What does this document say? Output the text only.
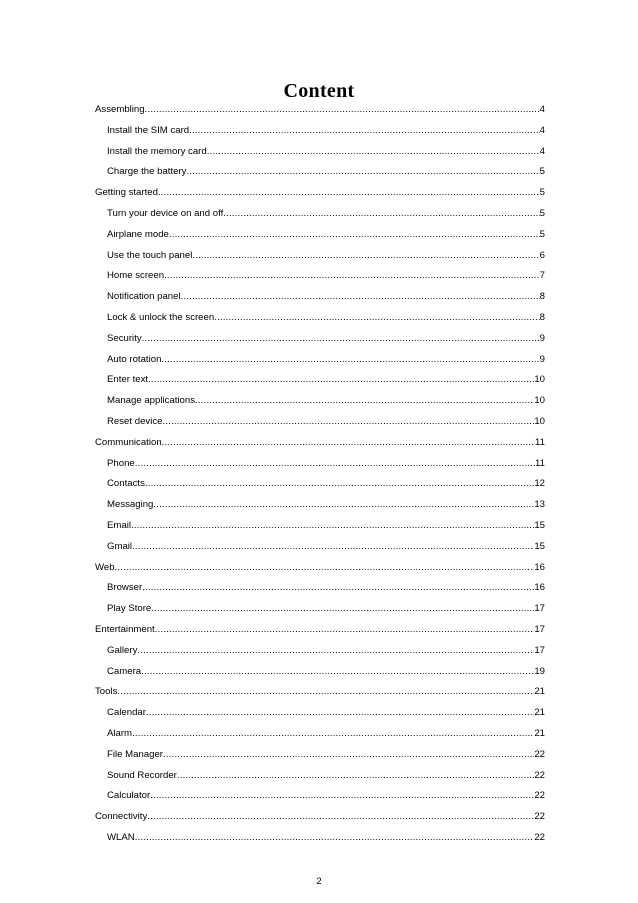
Content
Assembling .....	4
Install the SIM card .....	4
Install the memory card .....	4
Charge the battery .....	5
Getting started .....	5
Turn your device on and off .....	5
Airplane mode .....	5
Use the touch panel .....	6
Home screen .....	7
Notification panel .....	8
Lock & unlock the screen .....	8
Security .....	9
Auto rotation .....	9
Enter text .....	10
Manage applications .....	10
Reset device .....	10
Communication .....	11
Phone .....	11
Contacts .....	12
Messaging .....	13
Email .....	15
Gmail .....	15
Web .....	16
Browser .....	16
Play Store .....	17
Entertainment .....	17
Gallery .....	17
Camera .....	19
Tools .....	21
Calendar .....	21
Alarm .....	21
File Manager .....	22
Sound Recorder .....	22
Calculator .....	22
Connectivity .....	22
WLAN .....	22
2
